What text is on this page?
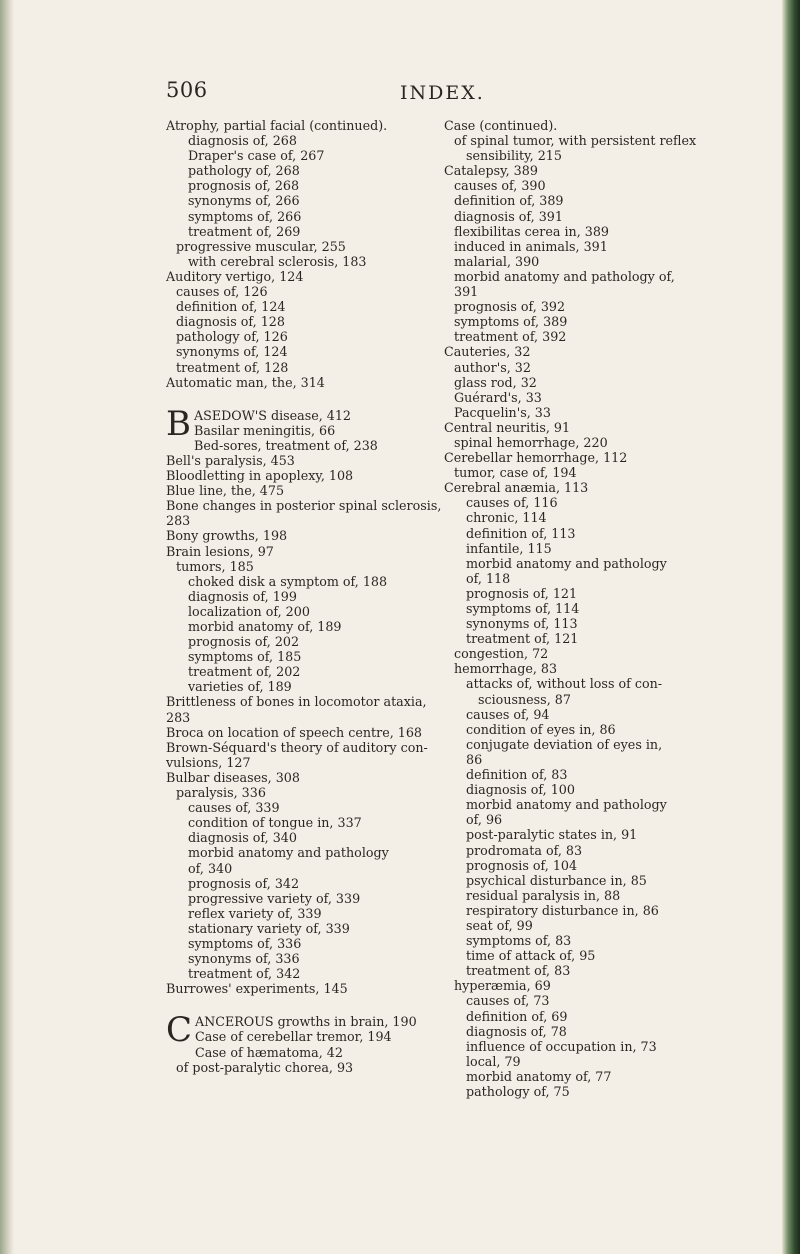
506	INDEX.
Atrophy, partial facial (continued).
diagnosis of, 268
Draper's case of, 267
pathology of, 268
prognosis of, 268
synonyms of, 266
symptoms of, 266
treatment of, 269
progressive muscular, 255
with cerebral sclerosis, 183
Auditory vertigo, 124
causes of, 126
definition of, 124
diagnosis of, 128
pathology of, 126
synonyms of, 124
treatment of, 128
Automatic man, the, 314
BASEDOW'S disease, 412
Basilar meningitis, 66
Bed-sores, treatment of, 238
Bell's paralysis, 453
Bloodletting in apoplexy, 108
Blue line, the, 475
Bone changes in posterior spinal sclerosis,
283
Bony growths, 198
Brain lesions, 97
tumors, 185
choked disk a symptom of, 188
diagnosis of, 199
localization of, 200
morbid anatomy of, 189
prognosis of, 202
symptoms of, 185
treatment of, 202
varieties of, 189
Brittleness of bones in locomotor ataxia,
283
Broca on location of speech centre, 168
Brown-Séquard's theory of auditory con-
vulsions, 127
Bulbar diseases, 308
paralysis, 336
causes of, 339
condition of tongue in, 337
diagnosis of, 340
morbid anatomy and pathology
of, 340
prognosis of, 342
progressive variety of, 339
reflex variety of, 339
stationary variety of, 339
symptoms of, 336
synonyms of, 336
treatment of, 342
Burrowes' experiments, 145
CANCEROUS growths in brain, 190
Case of cerebellar tremor, 194
Case of hæmatoma, 42
of post-paralytic chorea, 93
Case (continued).
of spinal tumor, with persistent reflex
sensibility, 215
Catalepsy, 389
causes of, 390
definition of, 389
diagnosis of, 391
flexibilitas cerea in, 389
induced in animals, 391
malarial, 390
morbid anatomy and pathology of,
391
prognosis of, 392
symptoms of, 389
treatment of, 392
Cauteries, 32
author's, 32
glass rod, 32
Guérard's, 33
Pacquelin's, 33
Central neuritis, 91
spinal hemorrhage, 220
Cerebellar hemorrhage, 112
tumor, case of, 194
Cerebral anæmia, 113
causes of, 116
chronic, 114
definition of, 113
infantile, 115
morbid anatomy and pathology
of, 118
prognosis of, 121
symptoms of, 114
synonyms of, 113
treatment of, 121
congestion, 72
hemorrhage, 83
attacks of, without loss of con-
sciousness, 87
causes of, 94
condition of eyes in, 86
conjugate deviation of eyes in,
86
definition of, 83
diagnosis of, 100
morbid anatomy and pathology
of, 96
post-paralytic states in, 91
prodromata of, 83
prognosis of, 104
psychical disturbance in, 85
residual paralysis in, 88
respiratory disturbance in, 86
seat of, 99
symptoms of, 83
time of attack of, 95
treatment of, 83
hyperæmia, 69
causes of, 73
definition of, 69
diagnosis of, 78
influence of occupation in, 73
local, 79
morbid anatomy of, 77
pathology of, 75
